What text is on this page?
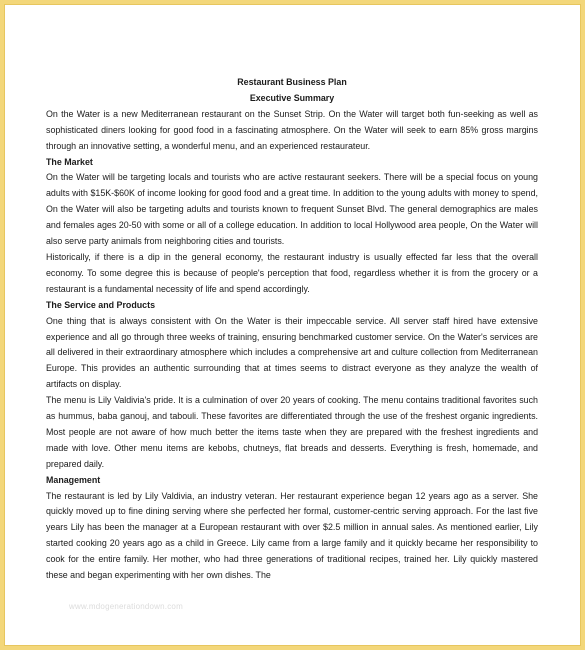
Restaurant Business Plan
Executive Summary

On the Water is a new Mediterranean restaurant on the Sunset Strip. On the Water will target both fun-seeking as well as sophisticated diners looking for good food in a fascinating atmosphere. On the Water will seek to earn 85% gross margins through an innovative setting, a wonderful menu, and an experienced restaurateur.

The Market

On the Water will be targeting locals and tourists who are active restaurant seekers. There will be a special focus on young adults with $15K-$60K of income looking for good food and a great time. In addition to the young adults with money to spend, On the Water will also be targeting adults and tourists known to frequent Sunset Blvd. The general demographics are males and females ages 20-50 with some or all of a college education. In addition to local Hollywood area people, On the Water will also serve party animals from neighboring cities and tourists.

Historically, if there is a dip in the general economy, the restaurant industry is usually effected far less that the overall economy. To some degree this is because of people's perception that food, regardless whether it is from the grocery or a restaurant is a fundamental necessity of life and spend accordingly.

The Service and Products

One thing that is always consistent with On the Water is their impeccable service. All server staff hired have extensive experience and all go through three weeks of training, ensuring benchmarked customer service. On the Water's services are all delivered in their extraordinary atmosphere which includes a comprehensive art and culture collection from Mediterranean Europe. This provides an authentic surrounding that at times seems to distract everyone as they analyze the wealth of artifacts on display.

The menu is Lily Valdivia's pride. It is a culmination of over 20 years of cooking. The menu contains traditional favorites such as hummus, baba ganouj, and tabouli. These favorites are differentiated through the use of the freshest organic ingredients. Most people are not aware of how much better the items taste when they are prepared with the freshest ingredients and made with love. Other menu items are kebobs, chutneys, flat breads and desserts. Everything is fresh, homemade, and prepared daily.

Management

The restaurant is led by Lily Valdivia, an industry veteran. Her restaurant experience began 12 years ago as a server. She quickly moved up to fine dining serving where she perfected her formal, customer-centric serving approach. For the last five years Lily has been the manager at a European restaurant with over $2.5 million in annual sales. As mentioned earlier, Lily started cooking 20 years ago as a child in Greece. Lily came from a large family and it quickly became her responsibility to cook for the entire family. Her mother, who had three generations of traditional recipes, trained her. Lily quickly mastered these and began experimenting with her own dishes. The

www.mdogenerationdown.com
